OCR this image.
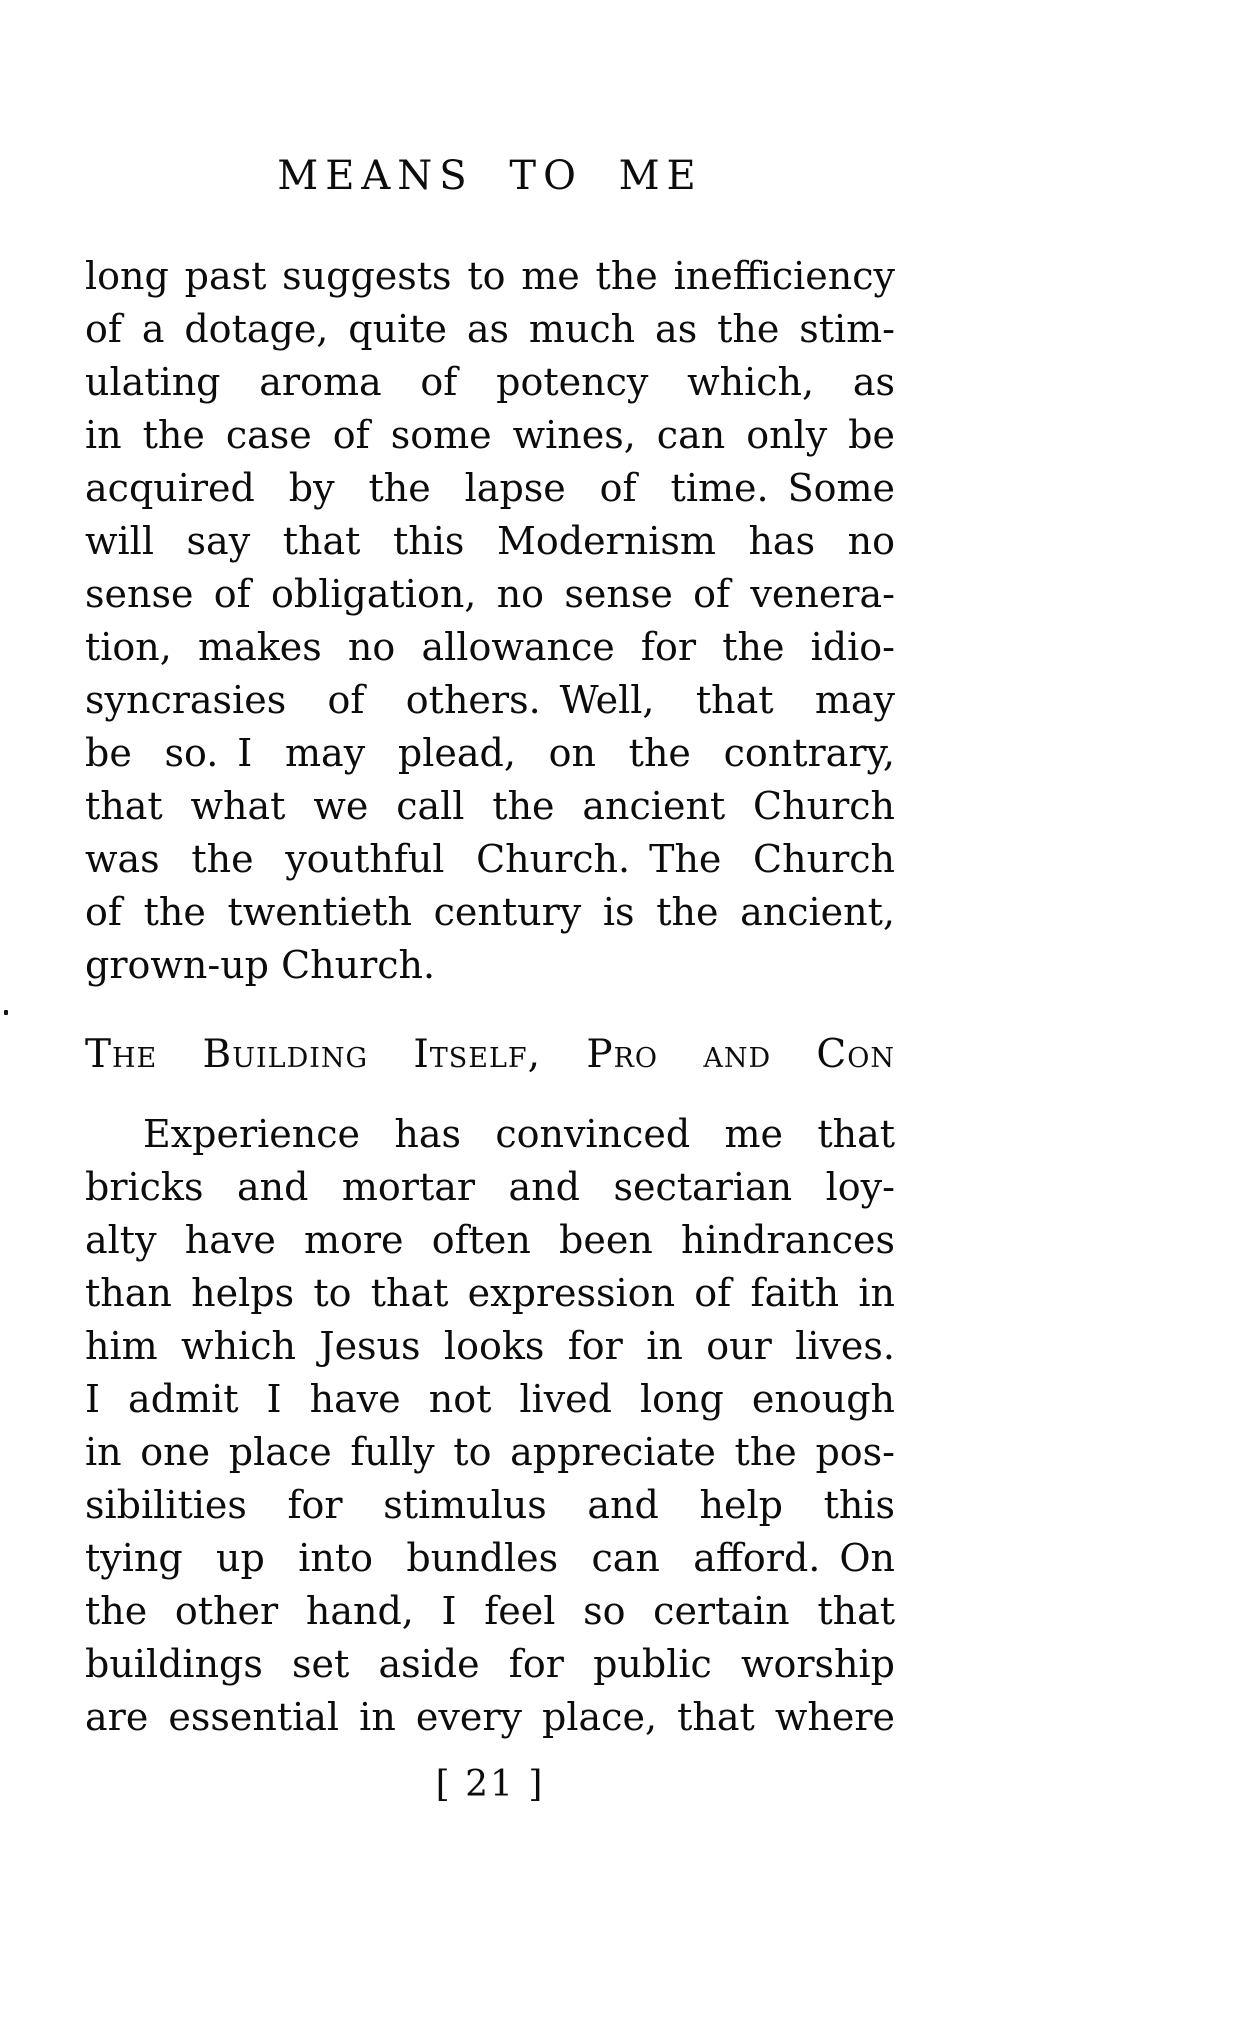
MEANS TO ME
long past suggests to me the inefficiency
of a dotage, quite as much as the stim-
ulating aroma of potency which, as
in the case of some wines, can only be
acquired by the lapse of time. Some
will say that this Modernism has no
sense of obligation, no sense of venera-
tion, makes no allowance for the idio-
syncrasies of others. Well, that may
be so. I may plead, on the contrary,
that what we call the ancient Church
was the youthful Church. The Church
of the twentieth century is the ancient,
grown-up Church.
The Building Itself, Pro and Con
Experience has convinced me that
bricks and mortar and sectarian loy-
alty have more often been hindrances
than helps to that expression of faith in
him which Jesus looks for in our lives.
I admit I have not lived long enough
in one place fully to appreciate the pos-
sibilities for stimulus and help this
tying up into bundles can afford. On
the other hand, I feel so certain that
buildings set aside for public worship
are essential in every place, that where
[ 21 ]
